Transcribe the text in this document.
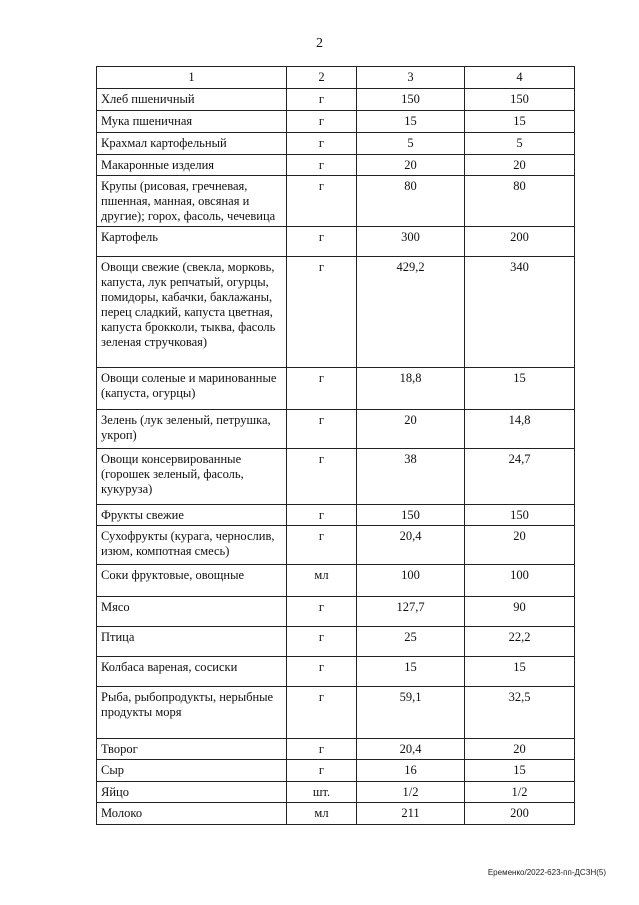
2
1	2	3	4
Хлеб пшеничный	г	150	150
Мука пшеничная	г	15	15
Крахмал картофельный	г	5	5
Макаронные изделия	г	20	20
Крупы (рисовая, гречневая, пшенная, манная, овсяная и другие); горох, фасоль, чечевица	г	80	80
Картофель	г	300	200
Овощи свежие (свекла, морковь, капуста, лук репчатый, огурцы, помидоры, кабачки, баклажаны, перец сладкий, капуста цветная, капуста брокколи, тыква, фасоль зеленая стручковая)	г	429,2	340
Овощи соленые и маринованные (капуста, огурцы)	г	18,8	15
Зелень (лук зеленый, петрушка, укроп)	г	20	14,8
Овощи консервированные (горошек зеленый, фасоль, кукуруза)	г	38	24,7
Фрукты свежие	г	150	150
Сухофрукты (курага, чернослив, изюм, компотная смесь)	г	20,4	20
Соки фруктовые, овощные	мл	100	100
Мясо	г	127,7	90
Птица	г	25	22,2
Колбаса вареная, сосиски	г	15	15
Рыба, рыбопродукты, нерыбные продукты моря	г	59,1	32,5
Творог	г	20,4	20
Сыр	г	16	15
Яйцо	шт.	1/2	1/2
Молоко	мл	211	200
Еременко/2022-623-пп-ДСЗН(5)
